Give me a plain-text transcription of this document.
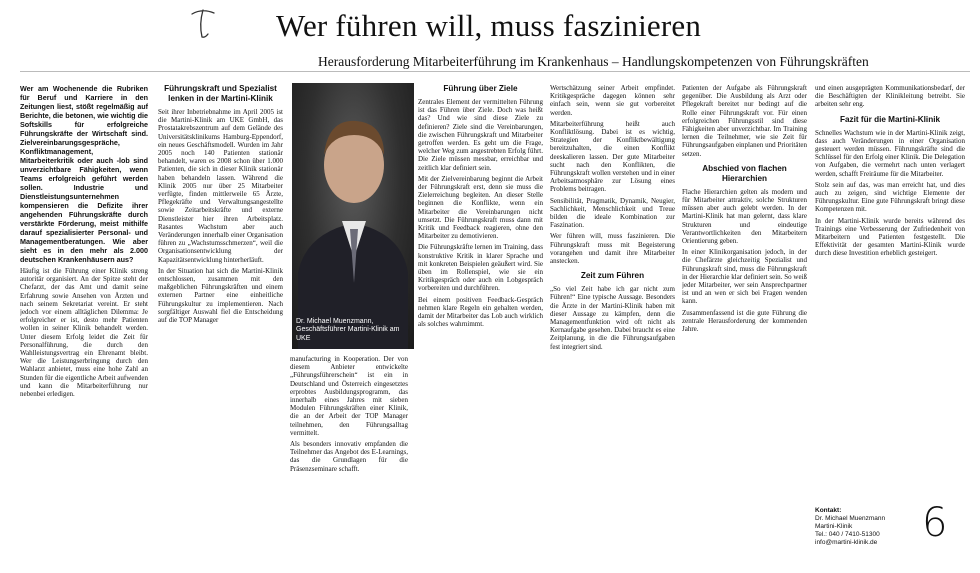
Wer führen will, muss faszinieren
Herausforderung Mitarbeiterführung im Krankenhaus – Handlungskompetenzen von Führungskräften

Wer am Wochenende die Rubriken für Beruf und Karriere in den Zeitungen liest, stößt regelmäßig auf Berichte, die betonen, wie wichtig die Softskills für erfolgreiche Führungskräfte der Wirtschaft sind. Zielvereinbarungsgespräche, Konfliktmanagement, Mitarbeiterkritik oder auch -lob sind unverzichtbare Fähigkeiten, wenn Teams erfolgreich geführt werden sollen. Industrie und Dienstleistungsunternehmen kompensieren die Defizite ihrer angehenden Führungskräfte durch verstärkte Förderung, meist mithilfe darauf spezialisierter Personal- und Managementberatungen. Wie aber sieht es in den mehr als 2.000 deutschen Krankenhäusern aus?

Häufig ist die Führung einer Klinik streng autoritär organisiert. An der Spitze steht der Chefarzt, der das Amt und damit seine Erfahrung sowie Ansehen von Ärzten und nach seinem Sekretariat vereint. Er steht jedoch vor einem alltäglichen Dilemma: Je erfolgreicher er ist, desto mehr Patienten wollen in seiner Klinik behandelt werden. Unter diesem Erfolg leidet die Zeit für Personalführung, die durch den Wahlleistungsvertrag ein Ehrenamt bleibt. Wer die Leistungserbringung durch den Wahlarzt anbietet, muss eine hohe Zahl an Stunden für die eigentliche Arbeit aufwenden und kann die Mitarbeiterführung nur nebenbei erledigen.

Führungskraft und Spezialist lenken in der Martini-Klinik

Seit ihrer Inbetriebnahme im April 2005 ist die Martini-Klinik am UKE GmbH, das Prostatakrebszentrum auf dem Gelände des Universitätsklinikums Hamburg-Eppendorf, ein neues Geschäftsmodell. Wurden im Jahr 2005 noch 140 Patienten stationär behandelt, waren es 2008 schon über 1.000 Patienten, die sich in dieser Klinik stationär haben behandeln lassen. Während die Klinik 2005 nur über 25 Mitarbeiter verfügte, finden mittlerweile 65 Ärzte, Pflegekräfte und Verwaltungsangestellte sowie Zeitarbeitskräfte und externe Dienstleister hier ihren Arbeitsplatz. Rasantes Wachstum aber auch Veränderungen innerhalb einer Organisation führen zu „Wachstumsschmerzen“, weil die Organisationsentwicklung der Kapazitätsentwicklung hinterherläuft.

In der Situation hat sich die Martini-Klinik entschlossen, zusammen mit den maßgeblichen Führungskräften und einem externen Partner eine einheitliche Führungskultur zu implementieren. Nach sorgfältiger Auswahl fiel die Entscheidung auf die TOP Manager	Dr. Michael Muenzmann, Geschäftsführer Martini-Klinik am UKE

manufacturing in Kooperation. Der von diesem Anbieter entwickelte „Führungsführerschein“ ist ein in Deutschland und Österreich eingesetztes erprobtes Ausbildungsprogramm, das innerhalb eines Jahres mit sieben Modulen Führungskräften einer Klinik, die an der Arbeit der TOP Manager teilnehmen, den Führungsalltag vermittelt.

Als besonders innovativ empfanden die Teilnehmer das Angebot des E-Learnings, das die Grundlagen für die Präsenzseminare schafft.

Führung über Ziele

Zentrales Element der vermittelten Führung ist das Führen über Ziele. Doch was heißt das? Und wie sind diese Ziele zu definieren? Ziele sind die Vereinbarungen, die zwischen Führungskraft und Mitarbeiter getroffen werden. Es geht um die Frage, welcher Weg zum angestrebten Erfolg führt. Die Ziele müssen messbar, erreichbar und zeitlich klar definiert sein.

Mit der Zielvereinbarung beginnt die Arbeit der Führungskraft erst, denn sie muss die Zielerreichung begleiten. An dieser Stelle beginnen die Konflikte, wenn ein Mitarbeiter die Vereinbarungen nicht umsetzt. Die Führungskraft muss dann mit Kritik und Feedback reagieren, ohne den Mitarbeiter zu demotivieren.

Die Führungskräfte lernen im Training, dass konstruktive Kritik in klarer Sprache und mit konkreten Beispielen geäußert wird. Sie üben im Rollenspiel, wie sie ein Kritikgespräch oder auch ein Lobgespräch vorbereiten und durchführen.

Bei einem positiven Feedback-Gespräch nehmen klare Regeln ein gehalten werden, damit der Mitarbeiter das Lob auch wirklich als solches wahrnimmt.

Wertschätzung seiner Arbeit empfindet. Kritikgespräche dagegen können sehr einfach sein, wenn sie gut vorbereitet werden.

Mitarbeiterführung heißt auch Konfliktlösung. Dabei ist es wichtig, Strategien der Konfliktbewältigung bereitzuhalten, die einen Konflikt deeskalieren lassen. Der gute Mitarbeiter sucht nach den Konflikten, die Führungskraft wollen verstehen und in einer Arbeitsatmosphäre zur Lösung eines Problems beitragen.

Sensibilität, Pragmatik, Dynamik, Neugier, Sachlichkeit, Menschlichkeit und Treue bilden die ideale Kombination zur Faszination.

Wer führen will, muss faszinieren. Die Führungskraft muss mit Begeisterung vorangehen und damit ihre Mitarbeiter anstecken.

Zeit zum Führen

„So viel Zeit habe ich gar nicht zum Führen!“ Eine typische Aussage. Besonders die Ärzte in der Martini-Klinik haben mit dieser Aussage zu kämpfen, denn die Managementfunktion wird oft nicht als Kernaufgabe gesehen. Dabei braucht es eine Zeitplanung, in die die Führungsaufgaben fest integriert sind.

Patienten der Aufgabe als Führungskraft gegenüber. Die Ausbildung als Arzt oder Pflegekraft bereitet nur bedingt auf die Rolle einer Führungskraft vor. Für einen erfolgreichen Führungsstil sind diese Fähigkeiten aber unverzichtbar. Im Training lernen die Teilnehmer, wie sie Zeit für Führungsaufgaben einplanen und Prioritäten setzen.

Abschied von flachen Hierarchien

Flache Hierarchien gelten als modern und für Mitarbeiter attraktiv, solche Strukturen müssen aber auch gelebt werden. In der Martini-Klinik hat man gelernt, dass klare Strukturen und eindeutige Verantwortlichkeiten den Mitarbeitern Orientierung geben.

In einer Klinikorganisation jedoch, in der die Chefärzte gleichzeitig Spezialist und Führungskraft sind, muss die Führungskraft in der Hierarchie klar definiert sein. So weiß jeder Mitarbeiter, wer sein Ansprechpartner ist und an wen er sich bei Fragen wenden kann.

Zusammenfassend ist die gute Führung die zentrale Herausforderung der kommenden Jahre.

und einen ausgeprägten Kommunikationsbedarf, der die Beschäftigten der Klinikleitung betreibt. Sie arbeiten sehr eng.

Fazit für die Martini-Klinik

Schnelles Wachstum wie in der Martini-Klinik zeigt, dass auch Veränderungen in einer Organisation gesteuert werden müssen. Führungskräfte sind die Schlüssel für den Erfolg einer Klinik. Die Delegation von Aufgaben, die vermehrt nach unten verlagert werden, schafft Freiräume für die Mitarbeiter.

Stolz sein auf das, was man erreicht hat, und dies auch zu zeigen, sind wichtige Elemente der Führungskultur. Eine gute Führungskraft bringt diese Kompetenzen mit.

In der Martini-Klinik wurde bereits während des Trainings eine Verbesserung der Zufriedenheit von Mitarbeitern und Patienten festgestellt. Die Effektivität der gesamten Martini-Klinik wurde durch diese Investition erheblich gesteigert.

Kontakt:
Dr. Michael Muenzmann
Martini-Klinik
Tel.: 040 / 7410-51300
info@martini-klinik.de	6
